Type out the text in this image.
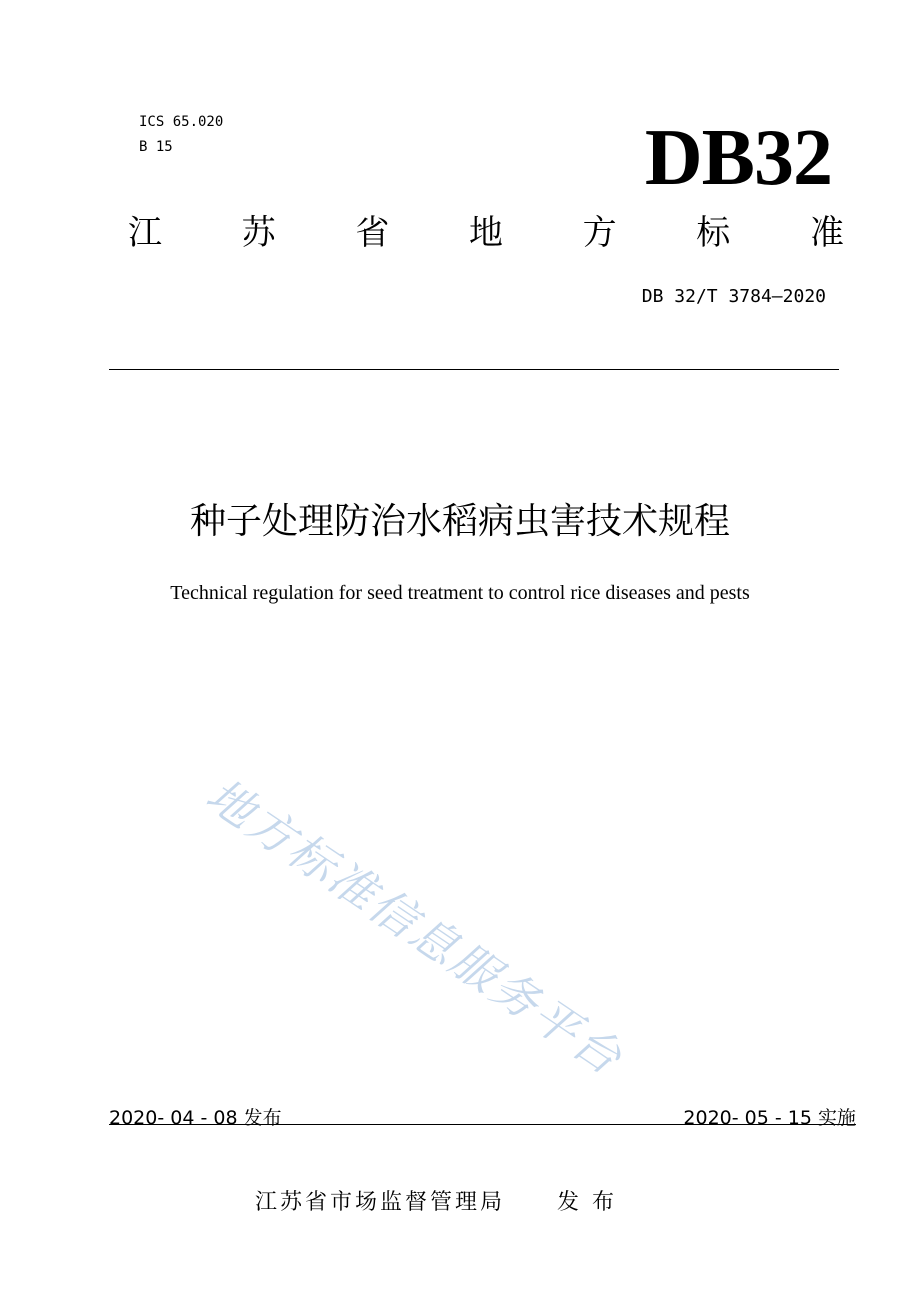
ICS 65.020
B 15	DB32
江 苏 省 地 方 标 准
DB 32/T 3784—2020
种子处理防治水稻病虫害技术规程
Technical regulation for seed treatment to control rice diseases and pests
地方标准信息服务平台
2020- 04 - 08 发布	2020- 05 - 15 实施
江苏省市场监督管理局 发 布
